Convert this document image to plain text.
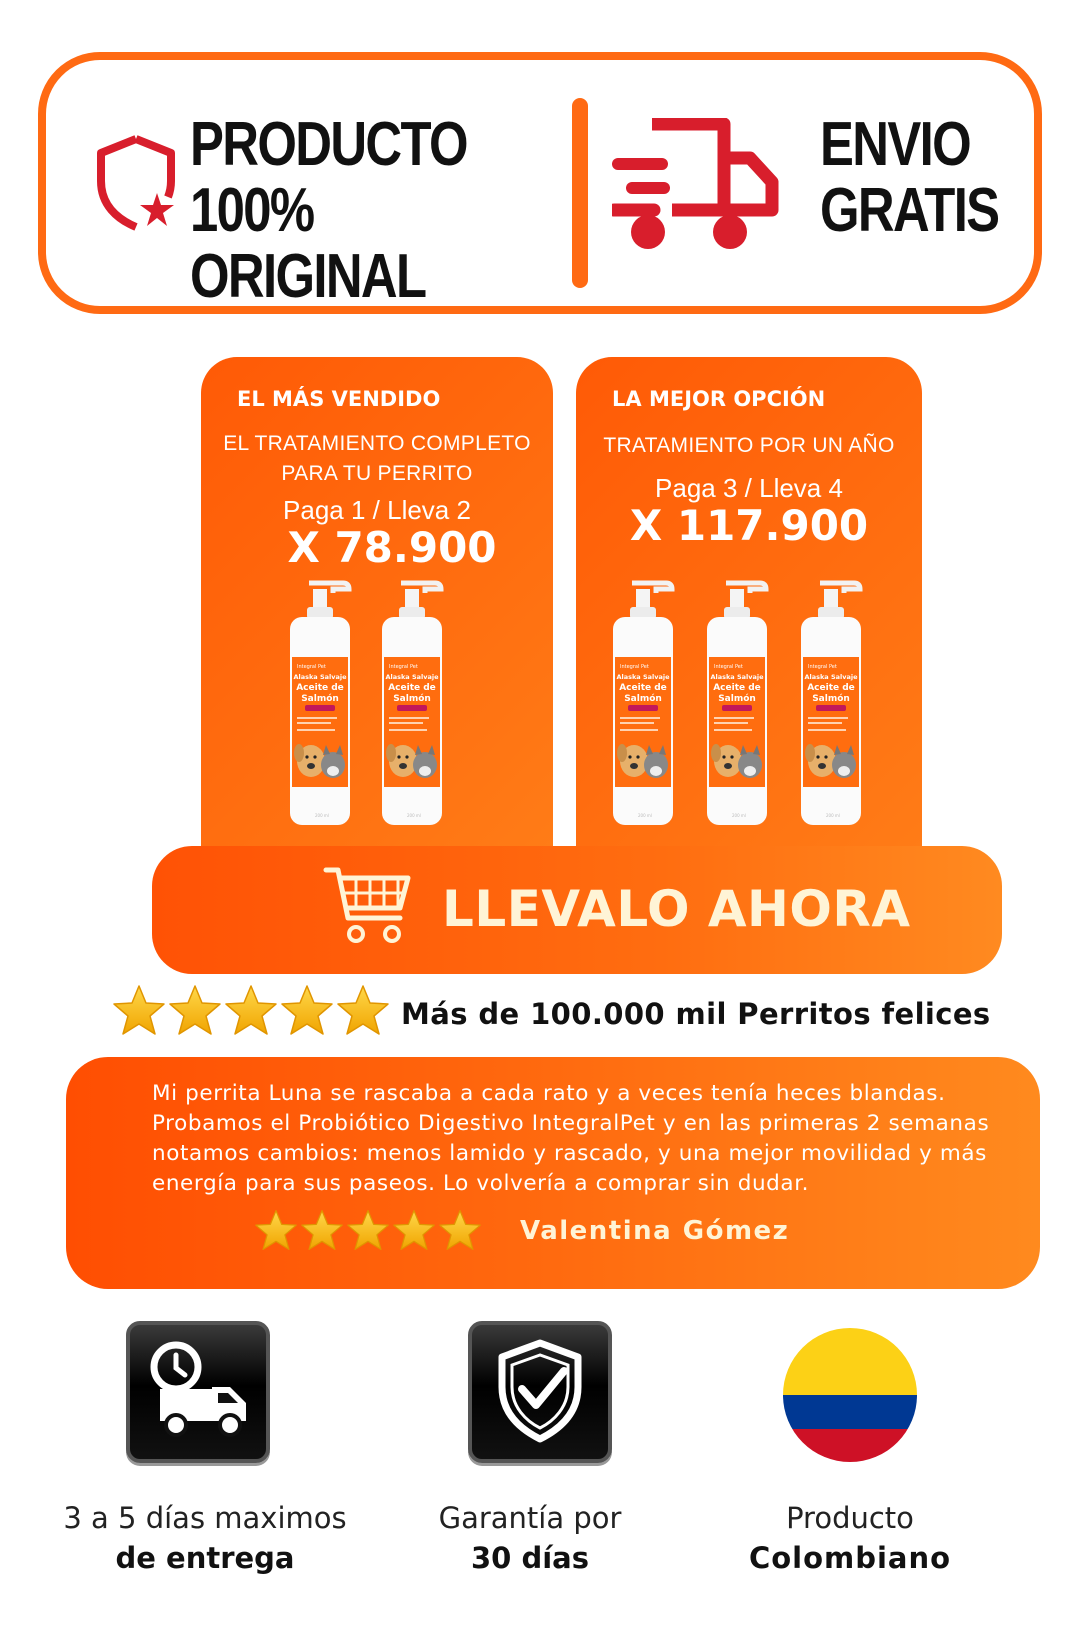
PRODUCTO
100% ORIGINAL
ENVIO
GRATIS
EL MÁS VENDIDO
EL TRATAMIENTO COMPLETO
PARA TU PERRITO
Paga 1 / Lleva 2
X 78.900
LA MEJOR OPCIÓN
TRATAMIENTO POR UN AÑO
Paga 3 / Lleva 4
X 117.900
LLEVALO AHORA
Más de 100.000 mil Perritos felices
Mi perrita Luna se rascaba a cada rato y a veces tenía heces blandas.
Probamos el Probiótico Digestivo IntegralPet y en las primeras 2 semanas
notamos cambios: menos lamido y rascado, y una mejor movilidad y más
energía para sus paseos. Lo volvería a comprar sin dudar.
Valentina Gómez
3 a 5 días maximos
de entrega
Garantía por
30 días
Producto
Colombiano
